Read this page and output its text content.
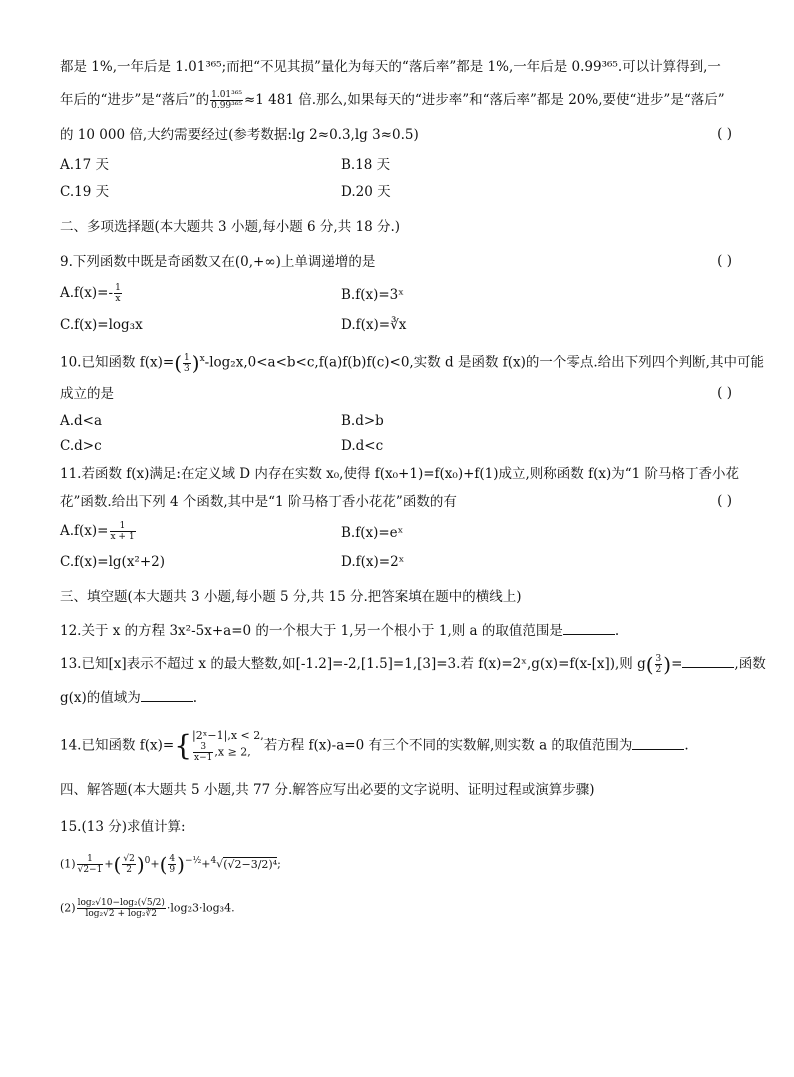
都是 1%,一年后是 1.01³⁶⁵;而把“不见其损”量化为每天的“落后率”都是 1%,一年后是 0.99³⁶⁵.可以计算得到,一
年后的“进步”是“落后”的 $\frac{\text{1.01³⁶⁵}}{\text{0.99³⁶⁵}} \approx 1$ 481 倍.那么,如果每天的“进步率”和“落后率”都是 20%,要使“进步”是“落后”
的 10 000 倍,大约需要经过(参考数据:lg 2≈0.3,lg 3≈0.5)	( )
A.17 天	B.18 天
C.19 天	D.20 天
二、多项选择题(本大题共 3 小题,每小题 6 分,共 18 分.)
9.下列函数中既是奇函数又在(0,+∞)上单调递增的是	( )
$A.f(x)=- \frac{1}{x}$	B.f(x)=3ˣ
C.f(x)=log₃x	D.f(x)=∛x
10.已知函数 $f(x)=( \frac{1}{3} )^x-\log_2x,0<a<b<c,f(a)f(b)f(c)<0$,实数 d 是函数 f(x)的一个零点.给出下列四个判断,其中可能
成立的是	( )
A.d<a	B.d>b
C.d>c	D.d<c
11.若函数 f(x)满足:在定义域 D 内存在实数 x₀,使得 f(x₀+1)=f(x₀)+f(1)成立,则称函数 f(x)为“1 阶马格丁香小花
花”函数.给出下列 4 个函数,其中是“1 阶马格丁香小花花”函数的有	( )
$A.f(x)= \frac{1}{x + 1}$	B.f(x)=eˣ
C.f(x)=lg(x²+2)	D.f(x)=2ˣ
三、填空题(本大题共 3 小题,每小题 5 分,共 15 分.把答案填在题中的横线上)
12.关于 x 的方程 3x²-5x+a=0 的一个根大于 1,另一个根小于 1,则 a 的取值范围是	.
13.已知[x]表示不超过 x 的最大整数,如[-1.2]=-2,[1.5]=1,[3]=3.若 f(x)=2ˣ,g(x)=f(x-[x]),则 $g( \frac{3}{2}$ )=	,函数
g(x)的值域为	.
14.已知函数 f(x)={ |2ˣ−1|,x < 2,
$\frac{3}{x-1} ,x \ge 2$, 若方程 f(x)-a=0 有三个不同的实数解,则实数 a 的取值范围为	.
四、解答题(本大题共 5 小题,共 77 分.解答应写出必要的文字说明、证明过程或演算步骤)
15.(13 分)求值计算:
$(1) \frac{1}{√2-1}$ +( $\frac{√2}{2} )^0+( \frac{4}{9} )^{-\frac{1}{2}}+^4√(√2-3/2)^4$;
$(2) \frac{\text{log₂√10−log₂(√5/2)}}{\text{log₂√2 + log₂∛2}} \cdot\log_23\cdot\log_34$.
